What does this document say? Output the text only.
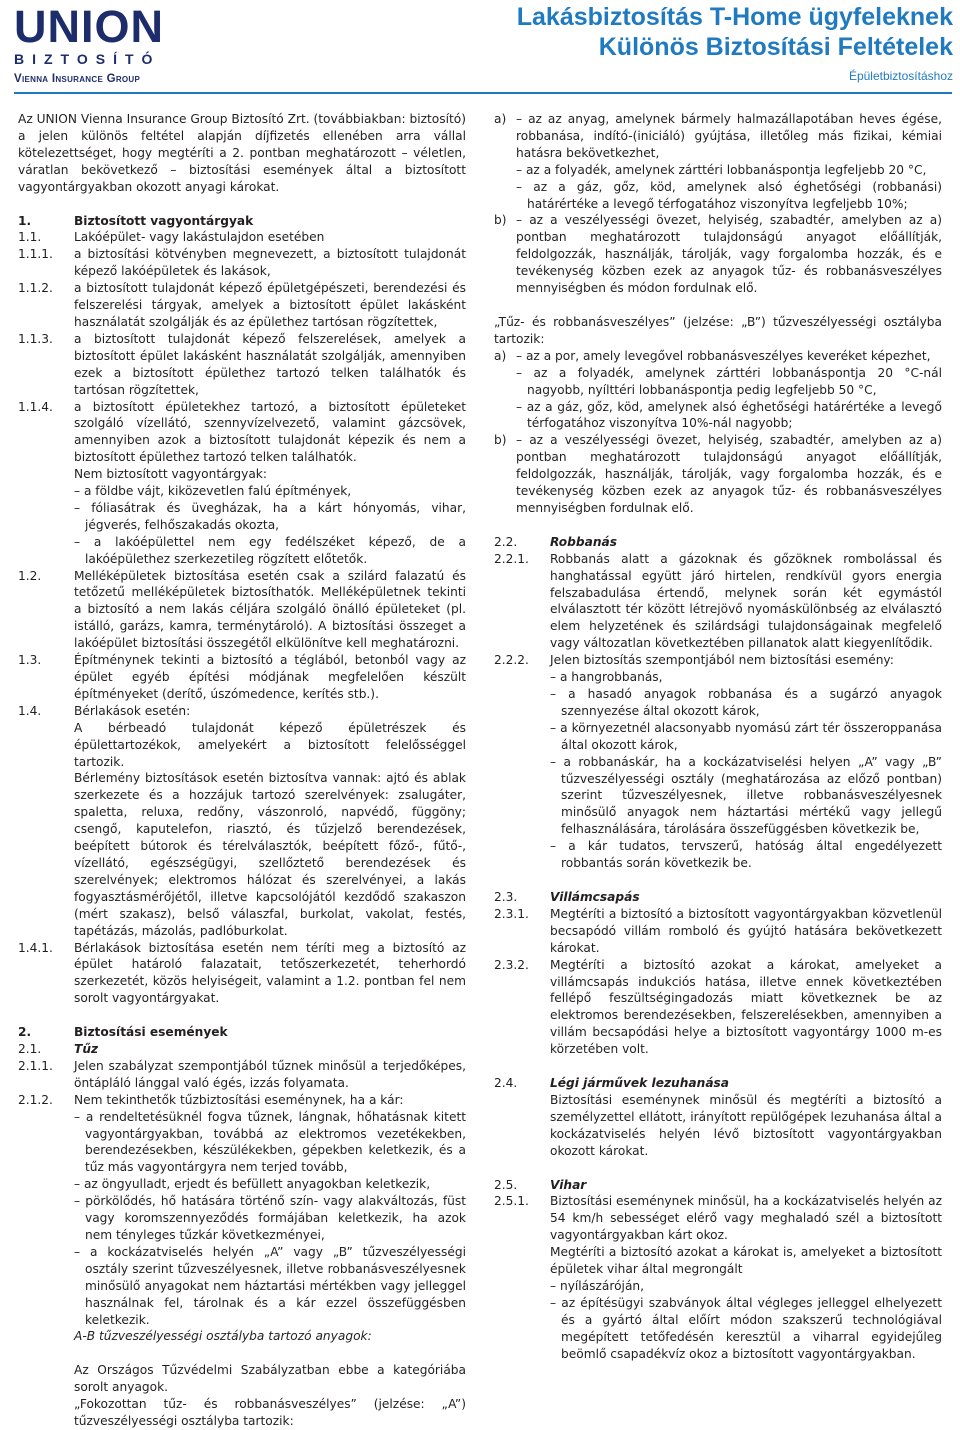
UNION
BIZTOSÍTÓ
Vienna Insurance Group
Lakásbiztosítás T-Home ügyfeleknek
Különös Biztosítási Feltételek
Épületbiztosításhoz

Az UNION Vienna Insurance Group Biztosító Zrt. (továbbiakban: biztosító) a jelen különös feltétel alapján díjfizetés ellenében arra vállal kötelezettséget, hogy megtéríti a 2. pontban meghatározott – véletlen, váratlan bekövetkező – biztosítási események által a biztosított vagyontárgyakban okozott anyagi károkat.

1.	Biztosított vagyontárgyak
1.1.	Lakóépület- vagy lakástulajdon esetében
1.1.1.	a biztosítási kötvényben megnevezett, a biztosított tulajdonát képező lakóépületek és lakások,
1.1.2.	a biztosított tulajdonát képező épületgépészeti, berendezési és felszerelési tárgyak, amelyek a biztosított épület lakásként használatát szolgálják és az épülethez tartósan rögzítettek,
1.1.3.	a biztosított tulajdonát képező felszerelések, amelyek a biztosított épület lakásként használatát szolgálják, amennyiben ezek a biztosított épülethez tartozó telken találhatók és tartósan rögzítettek,
1.1.4.	a biztosított épületekhez tartozó, a biztosított épületeket szolgáló vízellátó, szennyvízelvezető, valamint gázcsövek, amennyiben azok a biztosított tulajdonát képezik és nem a biztosított épülethez tartozó telken találhatók.
Nem biztosított vagyontárgyak:
– a földbe vájt, kiközevetlen falú építmények,
– fóliasátrak és üvegházak, ha a kárt hónyomás, vihar, jégverés, felhőszakadás okozta,
– a lakóépülettel nem egy fedélszéket képező, de a lakóépülethez szerkezetileg rögzített előtetők.
1.2.	Melléképületek biztosítása esetén csak a szilárd falazatú és tetőzetű melléképületek biztosíthatók. Melléképületnek tekinti a biztosító a nem lakás céljára szolgáló önálló épületeket (pl. istálló, garázs, kamra, terménytároló). A biztosítási összeget a lakóépület biztosítási összegétől elkülönítve kell meghatározni.
1.3.	Építménynek tekinti a biztosító a téglából, betonból vagy az épület egyéb építési módjának megfelelően készült építményeket (derítő, úszómedence, kerítés stb.).
1.4.	Bérlakások esetén:
A bérbeadó tulajdonát képező épületrészek és épülettartozékok, amelyekért a biztosított felelősséggel tartozik.
Bérlemény biztosítások esetén biztosítva vannak: ajtó és ablak szerkezete és a hozzájuk tartozó szerelvények: zsalugáter, spaletta, reluxa, redőny, vászonroló, napvédő, függöny; csengő, kaputelefon, riasztó, és tűzjelző berendezések, beépített bútorok és térelválasztók, beépített főző-, fűtő-, vízellátó, egészségügyi, szellőztető berendezések és szerelvények; elektromos hálózat és szerelvényei, a lakás fogyasztásmérőjétől, illetve kapcsolójától kezdődő szakaszon (mért szakasz), belső válaszfal, burkolat, vakolat, festés, tapétázás, mázolás, padlóburkolat.
1.4.1.	Bérlakások biztosítása esetén nem téríti meg a biztosító az épület határoló falazatait, tetőszerkezetét, teherhordó szerkezetét, közös helyiségeit, valamint a 1.2. pontban fel nem sorolt vagyontárgyakat.
2.	Biztosítási események
2.1.	Tűz
2.1.1.	Jelen szabályzat szempontjából tűznek minősül a terjedőképes, öntápláló lánggal való égés, izzás folyamata.
2.1.2.	Nem tekinthetők tűzbiztosítási eseménynek, ha a kár:
– a rendeltetésüknél fogva tűznek, lángnak, hőhatásnak kitett vagyontárgyakban, továbbá az elektromos vezetékekben, berendezésekben, készülékekben, gépekben keletkezik, és a tűz más vagyontárgyra nem terjed tovább,
– az öngyulladt, erjedt és befüllett anyagokban keletkezik,
– pörkölődés, hő hatására történő szín- vagy alakváltozás, füst vagy koromszennyeződés formájában keletkezik, ha azok nem tényleges tűzkár következményei,
– a kockázatviselés helyén „A” vagy „B” tűzveszélyességi osztály szerint tűzveszélyesnek, illetve robbanásveszélyesnek minősülő anyagokat nem háztartási mértékben vagy jelleggel használnak fel, tárolnak és a kár ezzel összefüggésben keletkezik.
A-B tűzveszélyességi osztályba tartozó anyagok:
Az Országos Tűzvédelmi Szabályzatban ebbe a kategóriába sorolt anyagok.
„Fokozottan tűz- és robbanásveszélyes” (jelzése: „A”) tűzveszélyességi osztályba tartozik:
a) – az az anyag, amelynek bármely halmazállapotában heves égése, robbanása, indító-(iniciáló) gyújtása, illetőleg más fizikai, kémiai hatásra bekövetkezhet,
– az a folyadék, amelynek zárttéri lobbanáspontja legfeljebb 20 °C,
– az a gáz, gőz, köd, amelynek alsó éghetőségi (robbanási) határértéke a levegő térfogatához viszonyítva legfeljebb 10%;
b) – az a veszélyességi övezet, helyiség, szabadtér, amelyben az a) pontban meghatározott tulajdonságú anyagot előállítják, feldolgozzák, használják, tárolják, vagy forgalomba hozzák, és e tevékenység közben ezek az anyagok tűz- és robbanásveszélyes mennyiségben és módon fordulnak elő.
„Tűz- és robbanásveszélyes” (jelzése: „B”) tűzveszélyességi osztályba tartozik:
a) – az a por, amely levegővel robbanásveszélyes keveréket képezhet,
– az a folyadék, amelynek zárttéri lobbanáspontja 20 °C-nál nagyobb, nyílttéri lobbanáspontja pedig legfeljebb 50 °C,
– az a gáz, gőz, köd, amelynek alsó éghetőségi határértéke a levegő térfogatához viszonyítva 10%-nál nagyobb;
b) – az a veszélyességi övezet, helyiség, szabadtér, amelyben az a) pontban meghatározott tulajdonságú anyagot előállítják, feldolgozzák, használják, tárolják, vagy forgalomba hozzák, és e tevékenység közben ezek az anyagok tűz- és robbanásveszélyes mennyiségben fordulnak elő.
2.2.	Robbanás
2.2.1.	Robbanás alatt a gázoknak és gőzöknek rombolással és hanghatással együtt járó hirtelen, rendkívül gyors energia felszabadulása értendő, melynek során két egymástól elválasztott tér között létrejövő nyomáskülönbség az elválasztó elem helyzetének és szilárdsági tulajdonságainak megfelelő vagy változatlan következtében pillanatok alatt kiegyenlítődik.
2.2.2.	Jelen biztosítás szempontjából nem biztosítási esemény:
– a hangrobbanás,
– a hasadó anyagok robbanása és a sugárzó anyagok szennyezése által okozott károk,
– a környezetnél alacsonyabb nyomású zárt tér összeroppanása által okozott károk,
– a robbanáskár, ha a kockázatviselési helyen „A” vagy „B” tűzveszélyességi osztály (meghatározása az előző pontban) szerint tűzveszélyesnek, illetve robbanásveszélyesnek minősülő anyagok nem háztartási mértékű vagy jellegű felhasználására, tárolására összefüggésben következik be,
– a kár tudatos, tervszerű, hatóság által engedélyezett robbantás során következik be.
2.3.	Villámcsapás
2.3.1.	Megtéríti a biztosító a biztosított vagyontárgyakban közvetlenül becsapódó villám romboló és gyújtó hatására bekövetkezett károkat.
2.3.2.	Megtéríti a biztosító azokat a károkat, amelyeket a villámcsapás indukciós hatása, illetve ennek következtében fellépő feszültségingadozás miatt következnek be az elektromos berendezésekben, felszerelésekben, amennyiben a villám becsapódási helye a biztosított vagyontárgy 1000 m-es körzetében volt.
2.4.	Légi járművek lezuhanása
Biztosítási eseménynek minősül és megtéríti a biztosító a személyzettel ellátott, irányított repülőgépek lezuhanása által a kockázatviselés helyén lévő biztosított vagyontárgyakban okozott károkat.
2.5.	Vihar
2.5.1.	Biztosítási eseménynek minősül, ha a kockázatviselés helyén az 54 km/h sebességet elérő vagy meghaladó szél a biztosított vagyontárgyakban kárt okoz.
Megtéríti a biztosító azokat a károkat is, amelyeket a biztosított épületek vihar által megrongált
– nyílászáróján,
– az építésügyi szabványok által végleges jelleggel elhelyezett és a gyártó által előírt módon szakszerű technológiával megépített tetőfedésén keresztül a viharral egyidejűleg beömlő csapadékvíz okoz a biztosított vagyontárgyakban.
